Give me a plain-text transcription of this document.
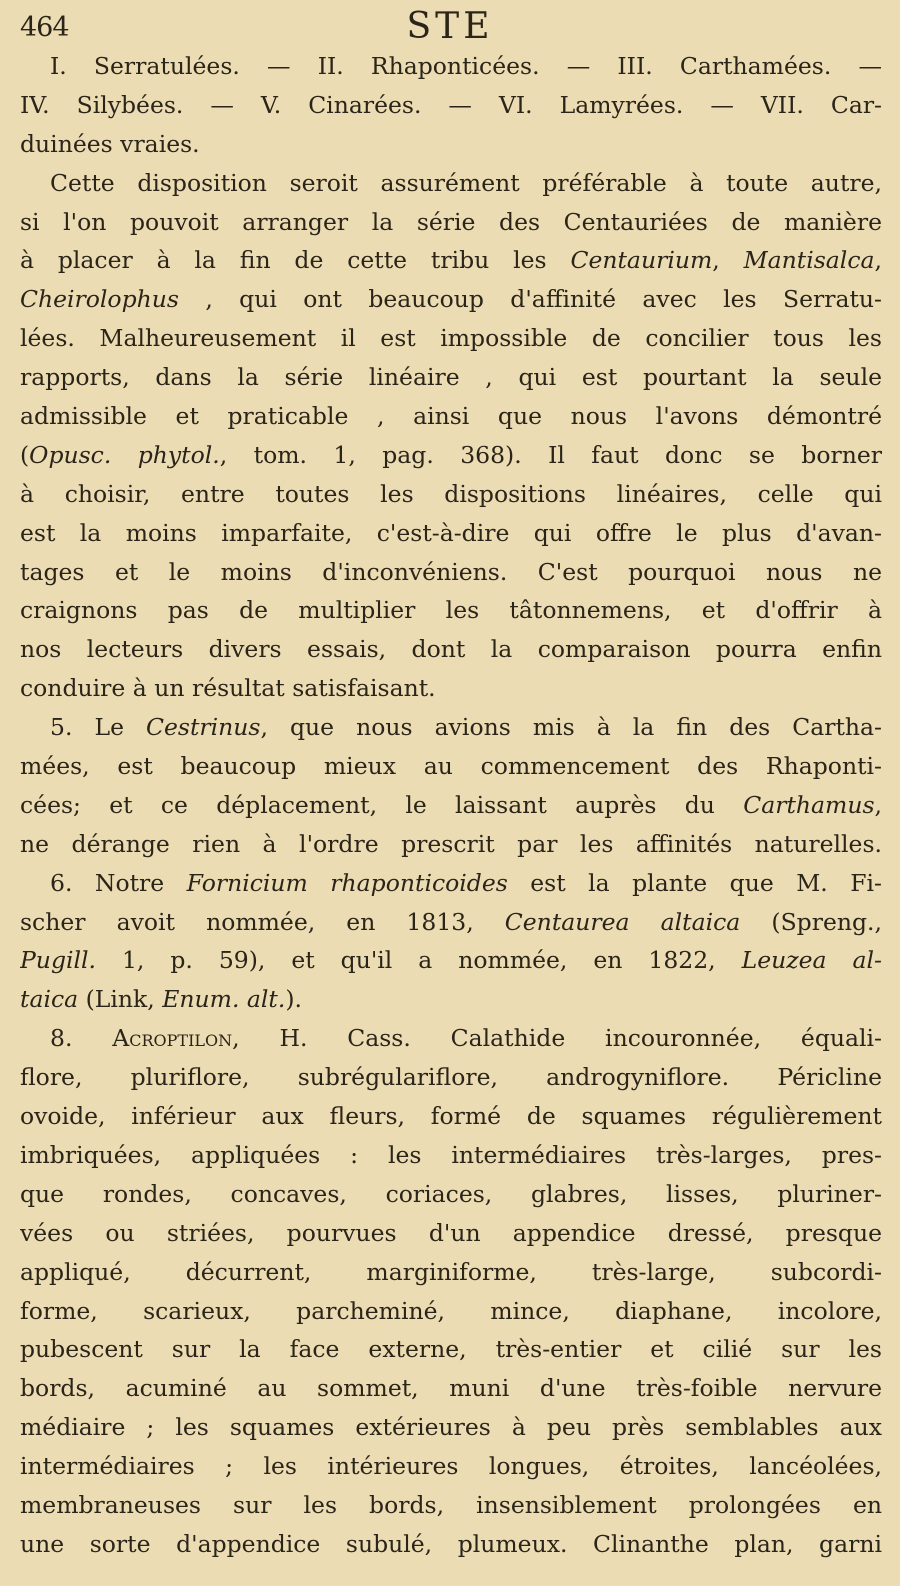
464	STE
I. Serratulées. — II. Rhaponticées. — III. Carthamées. —
IV. Silybées. — V. Cinarées. — VI. Lamyrées. — VII. Car-
duinées vraies.
Cette disposition seroit assurément préférable à toute autre,
si l'on pouvoit arranger la série des Centauriées de manière
à placer à la fin de cette tribu les Centaurium, Mantisalca,
Cheirolophus , qui ont beaucoup d'affinité avec les Serratu-
lées. Malheureusement il est impossible de concilier tous les
rapports, dans la série linéaire , qui est pourtant la seule
admissible et praticable , ainsi que nous l'avons démontré
(Opusc. phytol., tom. 1, pag. 368). Il faut donc se borner
à choisir, entre toutes les dispositions linéaires, celle qui
est la moins imparfaite, c'est-à-dire qui offre le plus d'avan-
tages et le moins d'inconvéniens. C'est pourquoi nous ne
craignons pas de multiplier les tâtonnemens, et d'offrir à
nos lecteurs divers essais, dont la comparaison pourra enfin
conduire à un résultat satisfaisant.
5. Le Cestrinus, que nous avions mis à la fin des Cartha-
mées, est beaucoup mieux au commencement des Rhaponti-
cées; et ce déplacement, le laissant auprès du Carthamus,
ne dérange rien à l'ordre prescrit par les affinités naturelles.
6. Notre Fornicium rhaponticoides est la plante que M. Fi-
scher avoit nommée, en 1813, Centaurea altaica (Spreng.,
Pugill. 1, p. 59), et qu'il a nommée, en 1822, Leuzea al-
taica (Link, Enum. alt.).
8. Acroptilon, H. Cass. Calathide incouronnée, équali-
flore, pluriflore, subrégulariflore, androgyniflore. Péricline
ovoide, inférieur aux fleurs, formé de squames régulièrement
imbriquées, appliquées : les intermédiaires très-larges, pres-
que rondes, concaves, coriaces, glabres, lisses, pluriner-
vées ou striées, pourvues d'un appendice dressé, presque
appliqué, décurrent, marginiforme, très-large, subcordi-
forme, scarieux, parcheminé, mince, diaphane, incolore,
pubescent sur la face externe, très-entier et cilié sur les
bords, acuminé au sommet, muni d'une très-foible nervure
médiaire ; les squames extérieures à peu près semblables aux
intermédiaires ; les intérieures longues, étroites, lancéolées,
membraneuses sur les bords, insensiblement prolongées en
une sorte d'appendice subulé, plumeux. Clinanthe plan, garni
